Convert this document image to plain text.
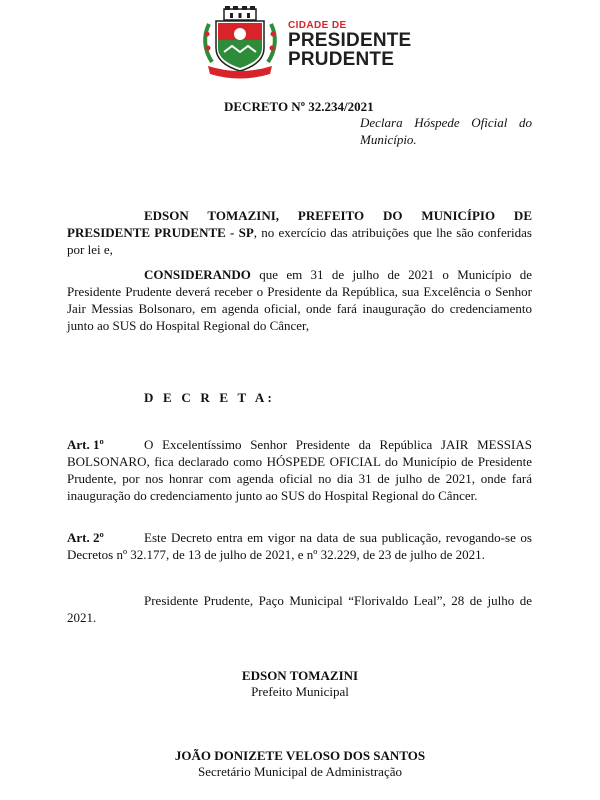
CIDADE DE
PRESIDENTE
PRUDENTE
DECRETO Nº 32.234/2021
Declara Hóspede Oficial do
Município.

EDSON TOMAZINI, PREFEITO DO MUNICÍPIO DE PRESIDENTE PRUDENTE - SP, no exercício das atribuições que lhe são conferidas por lei e,

CONSIDERANDO que em 31 de julho de 2021 o Município de Presidente Prudente deverá receber o Presidente da República, sua Excelência o Senhor Jair Messias Bolsonaro, em agenda oficial, onde fará inauguração do credenciamento junto ao SUS do Hospital Regional do Câncer,

D E C R E T A:

Art. 1º	O Excelentíssimo Senhor Presidente da República JAIR MESSIAS BOLSONARO, fica declarado como HÓSPEDE OFICIAL do Município de Presidente Prudente, por nos honrar com agenda oficial no dia 31 de julho de 2021, onde fará inauguração do credenciamento junto ao SUS do Hospital Regional do Câncer.

Art. 2º	Este Decreto entra em vigor na data de sua publicação, revogando-se os Decretos nº 32.177, de 13 de julho de 2021, e nº 32.229, de 23 de julho de 2021.

Presidente Prudente, Paço Municipal “Florivaldo Leal”, 28 de julho de 2021.

EDSON TOMAZINI
Prefeito Municipal
JOÃO DONIZETE VELOSO DOS SANTOS
Secretário Municipal de Administração
